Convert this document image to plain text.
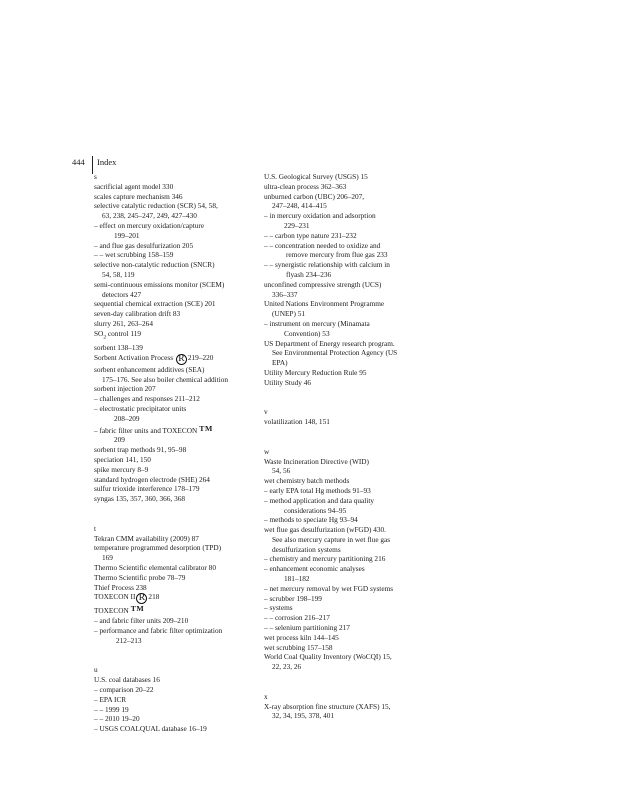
444 Index
s
sacrificial agent model 330
scales capture mechanism 346
selective catalytic reduction (SCR) 54, 58,
63, 238, 245–247, 249, 427–430
– effect on mercury oxidation/capture
199–201
– and flue gas desulfurization 205
– – wet scrubbing 158–159
selective non-catalytic reduction (SNCR)
54, 58, 119
semi-continuous emissions monitor (SCEM)
detectors 427
sequential chemical extraction (SCE) 201
seven-day calibration drift 83
slurry 261, 263–264
$SO_2$ control 119
sorbent 138–139
Sorbent Activation Process R 219–220
sorbent enhancement additives (SEA)
175–176. See also boiler chemical addition
sorbent injection 207
– challenges and responses 211–212
– electrostatic precipitator units
208–209
– fabric filter units and TOXECON TM
209
sorbent trap methods 91, 95–98
speciation 141, 150
spike mercury 8–9
standard hydrogen electrode (SHE) 264
sulfur trioxide interference 178–179
syngas 135, 357, 360, 366, 368
t
Tekran CMM availability (2009) 87
temperature programmed desorption (TPD)
169
Thermo Scientific elemental calibrator 80
Thermo Scientific probe 78–79
Thief Process 238
TOXECON II R 218
TOXECON TM
– and fabric filter units 209–210
– performance and fabric filter optimization
212–213
u
U.S. coal databases 16
– comparison 20–22
– EPA ICR
– – 1999 19
– – 2010 19–20
– USGS COALQUAL database 16–19
U.S. Geological Survey (USGS) 15
ultra-clean process 362–363
unburned carbon (UBC) 206–207,
247–248, 414–415
– in mercury oxidation and adsorption
229–231
– – carbon type nature 231–232
– – concentration needed to oxidize and
remove mercury from flue gas 233
– – synergistic relationship with calcium in
flyash 234–236
unconfined compressive strength (UCS)
336–337
United Nations Environment Programme
(UNEP) 51
– instrument on mercury (Minamata
Convention) 53
US Department of Energy research program.
See Environmental Protection Agency (US
EPA)
Utility Mercury Reduction Rule 95
Utility Study 46
v
volatilization 148, 151
w
Waste Incineration Directive (WID)
54, 56
wet chemistry batch methods
– early EPA total Hg methods 91–93
– method application and data quality
considerations 94–95
– methods to speciate Hg 93–94
wet flue gas desulfurization (wFGD) 430.
See also mercury capture in wet flue gas
desulfurization systems
– chemistry and mercury partitioning 216
– enhancement economic analyses
181–182
– net mercury removal by wet FGD systems
– scrubber 198–199
– systems
– – corrosion 216–217
– – selenium partitioning 217
wet process kiln 144–145
wet scrubbing 157–158
World Coal Quality Inventory (WoCQI) 15,
22, 23, 26
x
X-ray absorption fine structure (XAFS) 15,
32, 34, 195, 378, 401
